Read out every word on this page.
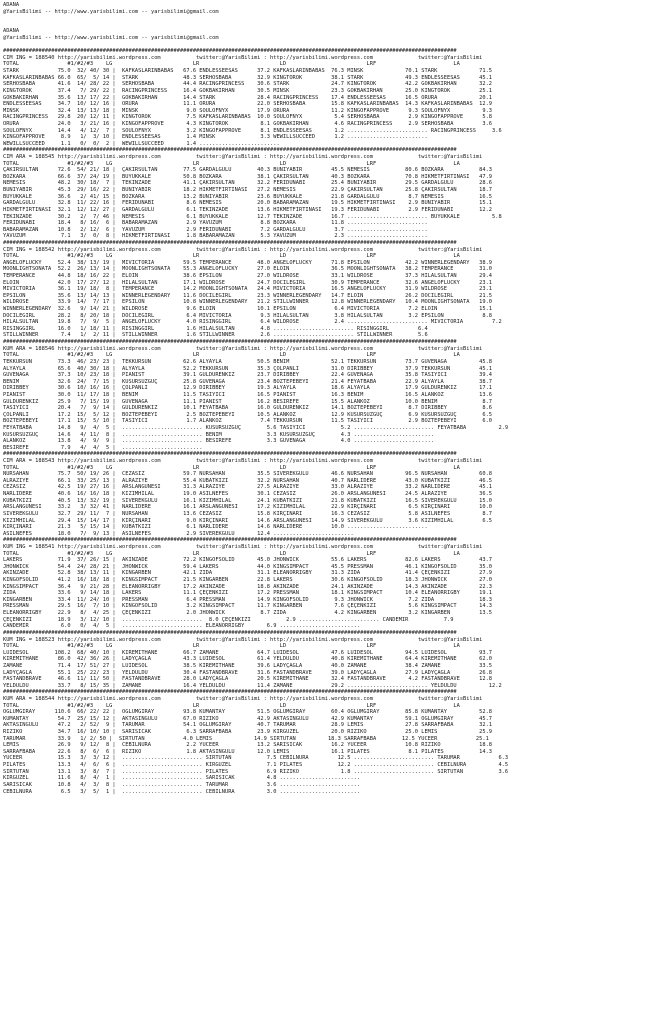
ADANA
@YarisBilimi -- http://www.yarisbilimi.com -- yarisbilimi@gmail.com

ADANA
@YarisBilimi -- http://www.yarisbilimi.com -- yarisbilimi@gmail.com

#############################################################################################################################################
CIM ING = 188540 http://yarisbilimi.wordpress.com           twitter:@YarisBilimi : http://yarisbilimi.wordpress.com              twitter:@YarisBilimi
TOTAL               #1/#2/#3    LG                         LR                         LD                         LRF                        LA
STARK            75.0  32/ 40/ 30 |  KAFKASLARINBABAS   67.6 ENDLESSEESAS      37.2 KAFKASLARINBABAS  76.3 MINSK             70.1 STARK             71.5
KAFKASLARINBABAS 66.0  65/  5/ 14 |  STARK              48.3 SERHOSBABA        32.9 KINGTOROK         38.1 STARK             49.3 ENDLESSEESAS      45.1
SERHOSBABA       41.6  14/ 28/ 22 |  SERHOSBABA         44.4 RACINGPRINCESS    30.6 STARK             24.7 KINGTOROK         42.2 GÖKBAKIRHAN       32.2
KINGTOROK        37.4   7/ 29/ 22 |  RACINGPRINCESS     16.4 GÖKBAKIRHAN       30.5 MINSK             23.3 GÖKBAKIRHAN       25.0 KINGTOROK         25.1
GÖKBAKIRHAN      35.6  13/ 17/ 22 |  GÖKBAKIRHAN        14.4 STARK             28.4 RACINGPRINCESS    17.4 ENDLESSEESAS      16.5 ORURA             20.1
ENDLESSEESAS     34.7  10/ 12/ 16 |  ORURA              11.1 ORURA             22.0 SERHOSBABA        15.8 KAFKASLARINBABAS  14.3 KAFKASLARINBABAS  12.9
MINSK            32.4  13/ 13/ 18 |  MINSK               9.0 SOULOFNYX         17.9 ORURA             11.2 KINGOFAPPROVE      9.3 SOULOFNYX          9.3
RACINGPRINCESS   29.8  20/ 12/ 11 |  KINGTOROK           7.5 KAFKASLARINBABAS  10.0 SOULOFNYX          5.4 SERHOSBABA         2.9 KINGOFAPPROVE      5.8
ORURA            24.0   3/ 21/ 16 |  KINGOFAPPROVE       4.3 KINGTOROK          8.1 GÖKBAKIRHAN        4.6 RACINGPRINCESS     2.9 SERHOSBABA         3.6
SOULOFNYX        14.4   4/ 12/  7 |  SOULOFNYX           3.2 KINGOFAPPROVE      8.1 ENDLESSEESAS       1.2 ......................... RACINGPRINCESS     3.6
KINGOFAPPROVE     8.9   1/  3/ 10 |  ENDLESSEESAS        1.4 MINSK              3.3 WEWILLSUCCEED      1.2 .........................
WEWILLSUCCEED     1.1   0/  0/  2 |  WEWILLSUCCEED       1.4 .........................
#############################################################################################################################################
CIM ARA = 188545 http://yarisbilimi.wordpress.com           twitter:@YarisBilimi : http://yarisbilimi.wordpress.com              twitter:@YarisBilimi
TOTAL               #1/#2/#3    LG                         LR                         LD                         LRF                        LA
ÇAKIRSULTAN      72.6  54/ 21/ 18 |  ÇAKIRSULTAN        77.5 GARDALGÜLÜ        40.3 BUNIYABIR         45.5 NEMESIS           80.6 BOZKARA           84.3
BOZKARA          66.6  37/ 24/ 19 |  BÜYÜKKALE          50.8 BOZKARA           38.1 ÇAKIRSULTAN       40.3 BOZKARA           70.8 HIKMETFIRTINASI   47.9
NEMESIS          48.2  30/ 18/  7 |  TEKINZADE          41.1 ÇAKIRSULTAN       32.2 FERIDUNABI        25.4 BUNIYABIR         29.5 GARDALGÜLÜ        28.6
BUNIYABIR        45.3  29/ 16/ 22 |  BUNIYABIR          18.2 HIKMETFIRTINASI   27.2 NEMESIS           22.9 ÇAKIRSULTAN       25.8 ÇAKIRSULTAN       18.7
BÜYÜKKALE        36.6   2/ 41/ 15 |  BOZKARA            13.2 BUNIYABIR         23.6 BÜYÜKKALE         21.8 GARDALGÜLÜ         8.7 NEMESIS           16.5
GARDALGÜLÜ       32.8  11/ 22/ 16 |  FERIDUNABI          8.6 NEMESIS           20.0 BABARAMAZAN       19.5 HIKMETFIRTINASI    2.9 BUNIYABIR         15.1
HIKMETFIRTINASI  32.1  12/ 12/ 27 |  GARDALGÜLÜ          6.1 TEKINZADE         13.6 HIKMETFIRTINASI   19.3 FERIDUNABI         2.9 FERIDUNABI        12.2
TEKINZADE        30.2   2/  7/ 46 |  NEMESIS             6.1 BÜYÜKKALE         12.7 TEKINZADE         16.7 ......................... BÜYÜKKALE          5.8
FERIDUNABI       18.4   8/ 16/  6 |  BABARAMAZAN         2.9 YAVUZUM            8.8 BOZKARA           11.8 .........................
BABARAMAZAN      10.8   2/ 12/  6 |  YAVUZUM             2.9 FERIDUNABI         7.2 GARDALGÜLÜ         3.7 .........................
YAVUZUM           7.1   3/  0/  8 |  HIKMETFIRTINASI     1.8 BABARAMAZAN        5.3 YAVUZUM            2.3 .........................
#############################################################################################################################################
CIM ING = 188542 http://yarisbilimi.wordpress.com           twitter:@YarisBilimi : http://yarisbilimi.wordpress.com              twitter:@YarisBilimi
TOTAL               #1/#2/#3    LG                         LR                         LD                         LRF                        LA
ANGELOFLUCKY     52.4  38/ 13/ 19 |  MIVICTORIA         59.5 TEMPERANCE        48.0 ANGELOFLUCKY      71.8 EPSILON           42.2 WINNERLEGENDARY   38.9
MOONLIGHTSONATA  52.2  26/ 13/ 14 |  MOONLIGHTSONATA    55.3 ANGELOFLUCKY      27.0 ELOIN             36.5 MOONLIGHTSONATA   38.2 TEMPERANCE        31.0
TEMPERANCE       44.8  18/ 16/ 22 |  ELOIN              38.6 EPSILON           27.0 WILDROSE          33.1 WILDROSE          37.3 HILALSULTAN       29.4
ELOIN            42.0  17/ 27/ 12 |  HILALSULTAN        17.1 WILDROSE          24.7 DOCILEGIRL        30.9 TEMPERANCE        32.6 ANGELOFLUCKY      23.1
MIVICTORIA       36.1  19/ 18/  8 |  TEMPERANCE         14.2 MOONLIGHTSONATA   24.4 MIVICTORIA        16.5 ANGELOFLUCKY      31.9 WILDROSE          23.1
EPSILON          35.6  13/ 14/ 13 |  WINNERLEGENDARY    11.6 DOCILEGIRL        23.3 WINNERLEGENDARY   14.7 ELOIN             26.2 DOCILEGIRL        21.5
WILDROSE         33.9  14/  7/ 17 |  EPSILON            10.8 WINNERLEGENDARY   21.2 STILLWINNER       12.8 WINNERLEGENDARY   10.4 MOONLIGHTSONATA   19.0
WINNERLEGENDARY  32.6   9/ 14/ 21 |  WILDROSE            9.6 ELOIN             10.1 EPSILON            6.4 MIVICTORIA         7.2 ELOIN             15.1
DOCILEGIRL       28.2   8/ 20/ 18 |  DOCILEGIRL          6.4 MIVICTORIA         9.3 HILALSULTAN        3.8 HILALSULTAN        3.2 EPSILON            8.8
HILALSULTAN      19.8   7/  9/  5 |  ANGELOFLUCKY        4.0 RISINGGIRL         6.4 WILDROSE           2.4 ......................... MIVICTORIA         7.2
RISINGGIRL       16.0   1/ 18/ 11 |  RISINGGIRL          1.6 HILALSULTAN        4.8 ......................... RISINGGIRL         6.4
STILLWINNER       7.4   1/  2/ 11 |  STILLWINNER         1.6 STILLWINNER        2.6 ......................... STILLWINNER        5.6
#############################################################################################################################################
KUM ARA = 188546 http://yarisbilimi.wordpress.com           twitter:@YarisBilimi : http://yarisbilimi.wordpress.com              twitter:@YarisBilimi
TOTAL               #1/#2/#3    LG                         LR                         LD                         LRF                        LA
TEKKURSUN        73.3  46/ 23/ 23 |  TEKKURSUN          62.6 ALYAYLA           50.5 BENIM             52.1 TEKKURSUN         73.7 GÜVENAGA          45.8
ALYAYLA          65.6  40/ 30/ 18 |  ALYAYLA            52.2 TEKKURSUN         35.3 ÇOLPANLI          31.0 DIRIBBEY          37.9 TEKKURSUN         45.1
GÜVENAGA         37.3  10/ 23/ 18 |  PIANIST            39.1 GÜLDÜRENKIZ       23.7 DIRIBBEY          22.4 GÜVENAGA          35.8 TASIYICI          39.4
BENIM            32.6  24/  7/ 15 |  KUSURSUZGÜÇ        25.8 GÜVENAGA          23.4 BOZTEPEBEYI       21.4 FEYATBABA         22.9 ALYAYLA           38.7
DIRIBBEY         30.6  10/ 16/ 16 |  ÇOLPANLI           12.9 DIRIBBEY          19.3 ALYAYLA           18.6 ALYAYLA           17.9 GÜLDÜRENKIZ       17.1
PIANIST          30.0  11/ 17/ 18 |  BENIM              11.5 TASIYICI          16.5 PIANIST           16.3 BENIM             16.5 ALANKOZ           13.6
GÜLDÜRENKIZ      25.9   7/ 15/ 19 |  GÜVENAGA           11.1 PIANIST           16.2 BESIREFE          15.5 ALANKOZ           10.0 BENIM              8.7
TASIYICI         20.4   7/  9/ 14 |  GÜLDÜRENKIZ        10.1 FEYATBABA         16.0 GÜLDÜRENKIZ       14.1 BOZTEPEBEYI        8.7 DIRIBBEY           8.6
ÇOLPANLI         17.2  15/  5/ 12 |  BOZTEPEBEYI         2.5 BOZTEPEBEYI       10.5 ALANKOZ           12.9 KUSURSUZGÜÇ        6.9 KUSURSUZGÜÇ        6.5
BOZTEPEBEYI      17.1  15/  5/ 10 |  TASIYICI            1.7 ALANKOZ            7.4 TEKKURSUN         11.5 TASIYICI           2.9 BOZTEPEBEYI        6.0
FEYATBABA        14.8   9/  4/  5 |  ......................... KUSURSUZGÜÇ        5.6 TASIYICI           5.2 ......................... FEYATBABA          2.9
KUSURSUZGÜÇ      14.6   4/ 11/  8 |  ......................... BENIM              3.3 KUSURSUZGÜÇ        4.3 .........................
ALANKOZ          13.8   4/  9/  9 |  ......................... BESIREFE           3.3 GÜVENAGA           4.0 .........................
BESIREFE          7.9   4/  4/  5 |  .........................
#############################################################################################################################################
CIM ARA = 188543 http://yarisbilimi.wordpress.com           twitter:@YarisBilimi : http://yarisbilimi.wordpress.com              twitter:@YarisBilimi
TOTAL               #1/#2/#3    LG                         LR                         LD                         LRF                        LA
NURSAHAN         75.7  50/ 19/ 26 |  CEZASIZ            59.7 NURSAHAN          35.5 SIVEREKGÜLÜ       46.6 NURSAHAN          96.5 NURSAHAN          60.8
ALRAZIYE         66.1  33/ 25/ 13 |  ALRAZIYE           55.4 KUBATKIZI         32.2 NURSAHAN          40.7 NARLIDERE         43.0 KUBATKIZI         46.5
CEZASIZ          42.5  19/ 27/ 16 |  ARSLANGÜNESI       31.3 ALRAZIYE          27.5 ALRAZIYE          33.0 ALRAZIYE          33.2 NARLIDERE         45.1
NARLIDERE        40.6  16/ 16/ 18 |  KIZIMHILAL         19.0 ASILNEFES         30.1 CEZASIZ           26.0 ARSLANGÜNESI      24.5 ALRAZIYE          36.5
KUBATKIZI        40.5  13/ 32/ 19 |  SIVEREKGÜLÜ        16.1 KIZIMHILAL        24.1 KUBATKIZI         21.8 KUBATKIZI         16.5 SIVEREKGÜLÜ       15.0
ARSLANGÜNESI     33.2   3/ 32/ 41 |  NARLIDERE          16.1 ARSLANGÜNESI      17.2 KIZIMHILAL        22.9 KIRÇINARI          6.5 KIRÇINARI         10.0
SIVEREKGÜLÜ      32.7  29/ 11/  7 |  NURSAHAN           13.6 CEZASIZ           15.8 KIRÇINARI         16.3 CEZASIZ            5.8 ASILNEFES          8.7
KIZIMHILAL       29.4  15/ 14/ 17 |  KIRÇINARI           9.0 KIRÇINARI         14.6 ARSLANGÜNESI      14.9 SIVEREKGÜLÜ        3.6 KIZIMHILAL         6.5
KIRÇINARI        21.3   5/ 15/ 14 |  KUBATKIZI           6.1 NARLIDERE         14.6 NARLIDERE         10.0 .........................
ASILNEFES        18.0   7/  9/ 13 |  ASILNEFES           2.9 SIVEREKGÜLÜ       12.4 .........................
#############################################################################################################################################
KUM ING = 188541 http://yarisbilimi.wordpress.com           twitter:@YarisBilimi : http://yarisbilimi.wordpress.com              twitter:@YarisBilimi
TOTAL               #1/#2/#3    LG                         LR                         LD                         LRF                        LA
LAKERS           71.9  37/ 26/ 15 |  AKINZADE           72.2 KINGOFSOLID       45.0 JHONWICK          55.6 LAKERS            82.6 LAKERS            43.7
JHONWICK         54.4  24/ 28/ 21 |  JHONWICK           59.4 LAKERS            44.0 KINGSIMPACT       45.5 PRESSMAN          46.1 KINGOFSOLID       35.0
AKINZADE         52.8  38/ 13/ 11 |  KINGARBEN          42.1 ZIDA              31.1 ELEANORRIGBY      31.3 ZIDA              41.4 ÇEÇENKIZI         27.9
KINGOFSOLID      41.2  16/ 18/ 18 |  KINGSIMPACT        21.5 KINGARBEN         22.8 LAKERS            30.6 KINGOFSOLID       18.3 JHONWICK          27.0
KINGSIMPACT      36.4   9/ 21/ 28 |  ELEANORRIGBY       17.2 AKINZADE          18.8 AKINZADE          24.1 AKINZADE          14.3 AKINZADE          22.3
ZIDA             33.6   9/ 14/ 18 |  LAKERS             11.1 ÇEÇENKIZI         17.2 PRESSMAN          18.1 KINGSIMPACT       10.4 ELEANORRIGBY      19.1
KINGARBEN        33.4  11/ 24/ 10 |  PRESSMAN            6.4 PRESSMAN          14.9 KINGOFSOLID        9.3 JHONWICK           7.2 ZIDA              18.3
PRESSMAN         29.5  16/  7/ 10 |  KINGOFSOLID         3.2 KINGSIMPACT       11.7 KINGARBEN          7.6 ÇEÇENKIZI          5.6 KINGSIMPACT       14.3
ELEANORRIGBY     22.9   8/  4/ 25 |  ÇEÇENKIZI           2.0 JHONWICK           8.7 ZIDA               4.2 KINGARBEN          3.2 KINGARBEN         13.5
ÇEÇENKIZI        18.9   3/ 12/ 10 |  .........................  8.0 ÇEÇENKIZI           2.9 ......................... CANDEMIR           7.9
CANDEMIR          6.0   0/  4/  5 |  ......................... ELEANORRIGBY       6.9 .........................
#############################################################################################################################################
KUM ING = 188523 http://yarisbilimi.wordpress.com           twitter:@YarisBilimi : http://yarisbilimi.wordpress.com              twitter:@YarisBilimi
TOTAL               #1/#2/#3    LG                         LR                         LD                         LRF                        LA
LUIDESOL        108.2  68/ 40/ 10 |  KIREMITHANE        66.7 ZAMANE            64.7 LUIDESOL          47.6 LUIDESOL          94.5 LUIDESOL          93.7
KIREMITHANE      86.0  42/ 36/ 26 |  LADYÇAGLA          43.3 LUIDESOL          61.4 YELDÜLDÜ          40.8 KIREMITHANE       64.4 KIREMITHANE       62.0
ZAMANE           71.4  17/ 51/ 27 |  LUIDESOL           38.5 KIREMITHANE       39.6 LADYÇAGLA         40.0 ZAMANE            38.4 ZAMANE            33.5
LADYÇAGLA        55.1  25/ 22/ 23 |  YELDÜLDÜ           30.4 FASTANDBRAVE      31.6 FASTANDBRAVE      39.0 LADYÇAGLA         27.9 LADYÇAGLA         26.8
FASTANDBRAVE     46.6  11/ 11/ 50 |  FASTANDBRAVE       28.0 LADYÇAGLA         20.5 KIREMITHANE       32.4 FASTANDBRAVE       4.2 FASTANDBRAVE      12.8
YELDÜLDÜ         33.7   8/ 15/ 35 |  ZAMANE             16.4 YELDÜLDÜ          11.4 ZAMANE            29.2 ......................... YELDÜLDÜ          12.2
#############################################################################################################################################
KUM ARA = 188544 http://yarisbilimi.wordpress.com           twitter:@YarisBilimi : http://yarisbilimi.wordpress.com              twitter:@YarisBilimi
TOTAL               #1/#2/#3    LG                         LR                         LD                         LRF                        LA
OGLUMGIRAY      110.6  66/ 22/ 22 |  OGLUMGIRAY         93.8 KUMANTAY          51.5 OGLUMGIRAY        60.4 OGLUMGIRAY        85.8 KUMANTAY          52.8
KUMANTAY         54.7  25/ 15/ 12 |  AKTASINGÜLÜ        67.0 RIZIKO            42.9 AKTASINGÜLÜ       42.9 KUMANTAY          59.1 OGLUMGIRAY        45.7
AKTASINGÜLÜ      47.2   2/ 52/  9 |  TARUMAR            54.1 OGLUMGIRAY        40.7 TARUMAR           28.9 LEMIS             27.8 SARRAFBABA        32.1
RIZIKO           34.7  16/ 10/ 10 |  SARISICAK           6.3 SARRAFBABA        23.9 KIRGÜZEL          20.0 RIZIKO            25.0 LEMIS             25.9
TARUMAR          33.9   1/ 2/ 50 |  SIRTUTAN            4.0 LEMIS             14.9 SIRTUTAN          18.3 SARRAFBABA        12.5 YÜCEER            25.1
LEMIS            26.9   9/ 12/  8 |  CEBILNURA           2.2 YÜCEER            13.2 SARISICAK         16.2 YÜCEER            10.8 RIZIKO            18.8
SARRAFBABA       22.6   8/  6/  6 |  RIZIKO              1.8 AKTASINGÜLÜ       12.0 LEMIS             16.1 PILATES            8.1 PILATES           14.3
YÜCEER           15.3   3/  3/ 12 |  ......................... SIRTUTAN           7.5 CEBILNURA         12.5 ......................... TARUMAR            6.3
PILATES          13.3   4/  6/  6 |  ......................... KIRGÜZEL           7.1 PILATES           12.2 ......................... CEBILNURA          4.5
SIRTUTAN         13.1   3/  8/  7 |  ......................... PILATES            6.9 RIZIKO             1.8 ......................... SIRTUTAN           3.6
KIRGÜZEL         11.6   8/  4/  1 |  ......................... SARISICAK          4.8 .........................
SARISICAK        10.8   4/  3/  8 |  ......................... TARUMAR            3.6 .........................
CEBILNURA         6.5   3/  5/  1 |  ......................... CEBILNURA          3.0 .........................
